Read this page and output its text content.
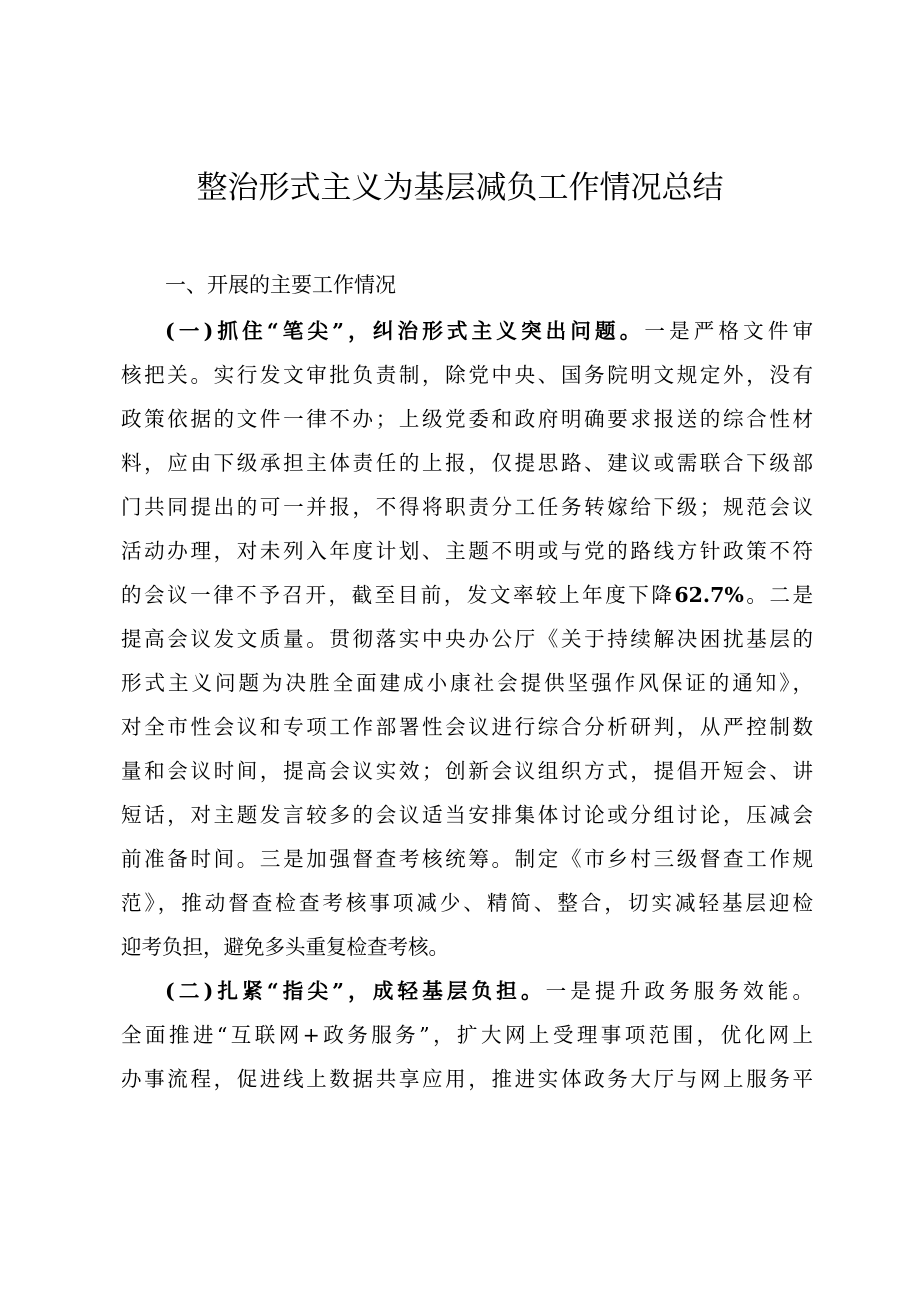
整治形式主义为基层减负工作情况总结
一、开展的主要工作情况
(一)抓住“笔尖”，纠治形式主义突出问题。一是严格文件审
核把关。实行发文审批负责制，除党中央、国务院明文规定外，没有
政策依据的文件一律不办；上级党委和政府明确要求报送的综合性材
料，应由下级承担主体责任的上报，仅提思路、建议或需联合下级部
门共同提出的可一并报，不得将职责分工任务转嫁给下级；规范会议
活动办理，对未列入年度计划、主题不明或与党的路线方针政策不符
的会议一律不予召开，截至目前，发文率较上年度下降62.7%。二是
提高会议发文质量。贯彻落实中央办公厅《关于持续解决困扰基层的
形式主义问题为决胜全面建成小康社会提供坚强作风保证的通知》，
对全市性会议和专项工作部署性会议进行综合分析研判，从严控制数
量和会议时间，提高会议实效；创新会议组织方式，提倡开短会、讲
短话，对主题发言较多的会议适当安排集体讨论或分组讨论，压减会
前准备时间。三是加强督查考核统筹。制定《市乡村三级督查工作规
范》，推动督查检查考核事项减少、精简、整合，切实减轻基层迎检
迎考负担，避免多头重复检查考核。
(二)扎紧“指尖”，成轻基层负担。一是提升政务服务效能。
全面推进“互联网+政务服务”，扩大网上受理事项范围，优化网上
办事流程，促进线上数据共享应用，推进实体政务大厅与网上服务平
